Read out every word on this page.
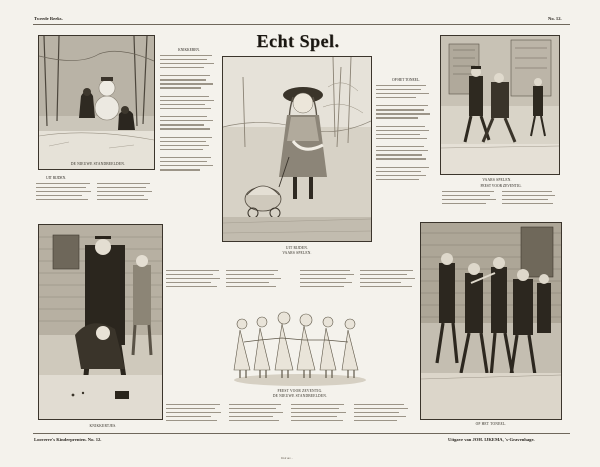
Tweede Reeks.	No. 12.
Echt Spel.
DE NIEUWE STANDBEELDEN.
KNIKKEREN.
UIT RIJDEN.
UIT RIJDEN.
VAARS SPELEN.
OP HET TONEEL.
VAARS SPELEN.
FEEST VOOR ZEVENTIG.
KNIKKERTJES.
FEEST VOOR ZEVENTIG.
DE NIEUWE STANDBEELDEN.
OP HET TONEEL.
Looverre's Kinderprenten. No. 12.	Uitgave van JOH. IJKEMA, 's-Gravenhage.
Druk van ...
